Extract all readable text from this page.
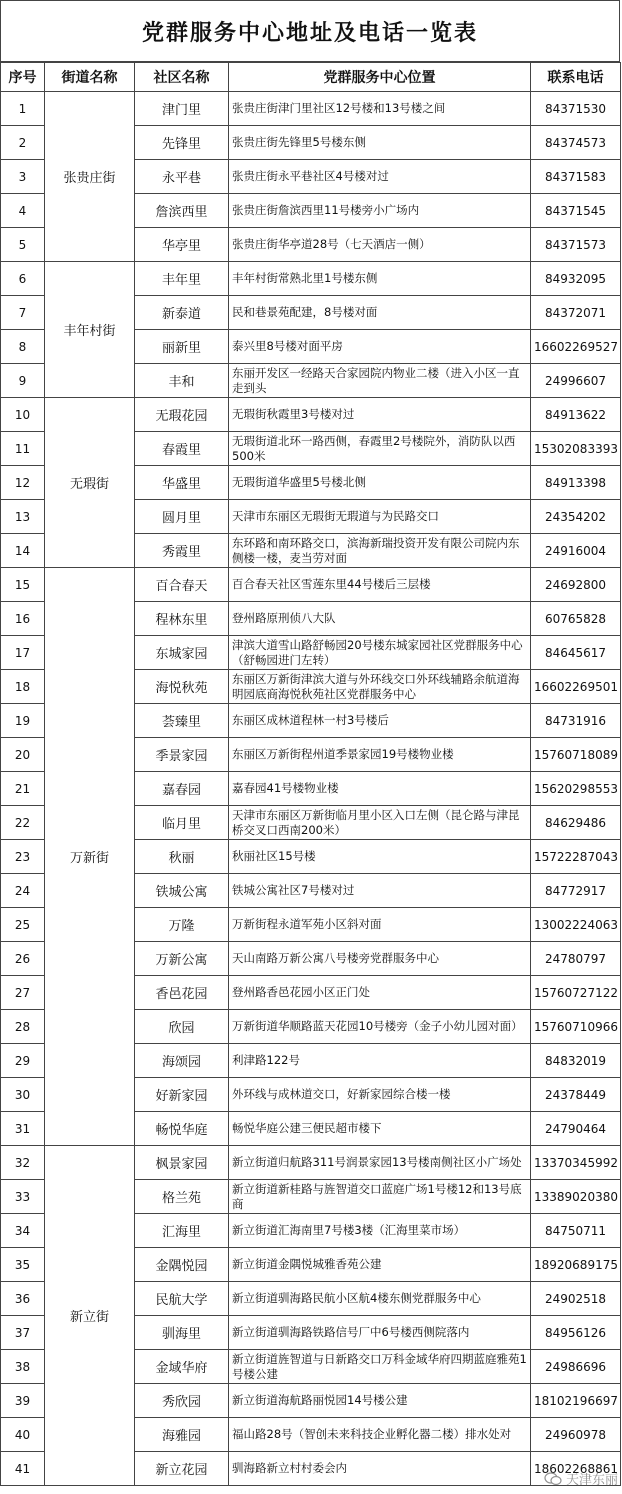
党群服务中心地址及电话一览表
序号	街道名称	社区名称	党群服务中心位置	联系电话
1	张贵庄街	津门里	张贵庄街津门里社区12号楼和13号楼之间	84371530
2		先锋里	张贵庄街先锋里5号楼东侧	84374573
3		永平巷	张贵庄街永平巷社区4号楼对过	84371583
4		詹滨西里	张贵庄街詹滨西里11号楼旁小广场内	84371545
5		华亭里	张贵庄街华亭道28号（七天酒店一侧）	84371573
6	丰年村街	丰年里	丰年村街常熟北里1号楼东侧	84932095
7		新泰道	民和巷景苑配建，8号楼对面	84372071
8		丽新里	泰兴里8号楼对面平房	16602269527
9		丰和	东丽开发区一经路天合家园院内物业二楼（进入小区一直走到头	24996607
10	无瑕街	无瑕花园	无瑕街秋霞里3号楼对过	84913622
11		春霞里	无瑕街道北环一路西侧，春霞里2号楼院外，消防队以西500米	15302083393
12		华盛里	无瑕街道华盛里5号楼北侧	84913398
13		圆月里	天津市东丽区无瑕街无瑕道与为民路交口	24354202
14		秀霞里	东环路和南环路交口，滨海新瑞投资开发有限公司院内东侧楼一楼，麦当劳对面	24916004
15	万新街	百合春天	百合春天社区雪莲东里44号楼后三层楼	24692800
16		程林东里	登州路原刑侦八大队	60765828
17		东城家园	津滨大道雪山路舒畅园20号楼东城家园社区党群服务中心（舒畅园进门左转）	84645617
18		海悦秋苑	东丽区万新街津滨大道与外环线交口外环线辅路余航道海明园底商海悦秋苑社区党群服务中心	16602269501
19		荟臻里	东丽区成林道程林一村3号楼后	84731916
20		季景家园	东丽区万新街程州道季景家园19号楼物业楼	15760718089
21		嘉春园	嘉春园41号楼物业楼	15620298553
22		临月里	天津市东丽区万新街临月里小区入口左侧（昆仑路与津昆桥交叉口西南200米）	84629486
23		秋丽	秋丽社区15号楼	15722287043
24		铁城公寓	铁城公寓社区7号楼对过	84772917
25		万隆	万新街程永道军苑小区斜对面	13002224063
26		万新公寓	天山南路万新公寓八号楼旁党群服务中心	24780797
27		香邑花园	登州路香邑花园小区正门处	15760727122
28		欣园	万新街道华顺路蓝天花园10号楼旁（金子小幼儿园对面）	15760710966
29		海颂园	利津路122号	84832019
30		好新家园	外环线与成林道交口，好新家园综合楼一楼	24378449
31		畅悦华庭	畅悦华庭公建三便民超市楼下	24790464
32	新立街	枫景家园	新立街道归航路311号润景家园13号楼南侧社区小广场处	13370345992
33		格兰苑	新立街道新桂路与旌智道交口蓝庭广场1号楼12和13号底商	13389020380
34		汇海里	新立街道汇海南里7号楼3楼（汇海里菜市场）	84750711
35		金隅悦园	新立街道金隅悦城雅香苑公建	18920689175
36		民航大学	新立街道驯海路民航小区航4楼东侧党群服务中心	24902518
37		驯海里	新立街道驯海路铁路信号厂中6号楼西侧院落内	84956126
38		金域华府	新立街道旌智道与日新路交口万科金域华府四期蓝庭雅苑1号楼公建	24986696
39		秀欣园	新立街道海航路丽悦园14号楼公建	18102196697
40		海雅园	福山路28号（智创未来科技企业孵化器二楼）排水处对	24960978
41		新立花园	驯海路新立村村委会内	18602268861
天津东丽
